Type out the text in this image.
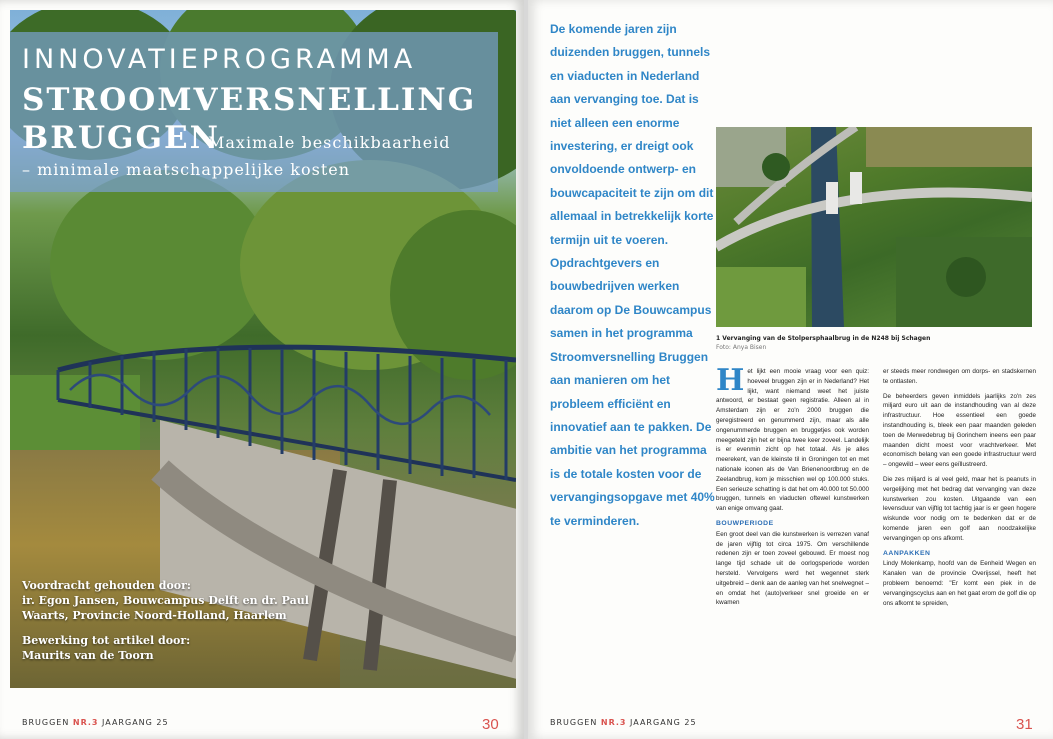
INNOVATIEPROGRAMMA
STROOMVERSNELLING
BRUGGEN
Maximale beschikbaarheid
– minimale maatschappelijke kosten

Voordracht gehouden door:
ir. Egon Jansen, Bouwcampus Delft en dr. Paul Waarts, Provincie Noord-Holland, Haarlem

Bewerking tot artikel door:
Maurits van de Toorn

BRUGGEN NR.3 JAARGANG 25	30
De komende jaren zijn duizenden bruggen, tunnels en viaducten in Nederland aan vervanging toe. Dat is niet alleen een enorme investering, er dreigt ook onvoldoende ontwerp- en bouwcapaciteit te zijn om dit allemaal in betrekkelijk korte termijn uit te voeren. Opdrachtgevers en bouwbedrijven werken daarom op De Bouwcampus samen in het programma Stroomversnelling Bruggen aan manieren om het probleem efficiënt en innovatief aan te pakken. De ambitie van het programma is de totale kosten voor de vervangingsopgave met 40% te verminderen.
1 Vervanging van de Stolpersphaalbrug in de N248 bij Schagen
Foto: Anya Bisen

Het lijkt een mooie vraag voor een quiz: hoeveel bruggen zijn er in Nederland? Het lijkt, want niemand weet het juiste antwoord, er bestaat geen registratie. Alleen al in Amsterdam zijn er zo'n 2000 bruggen die geregistreerd en genummerd zijn, maar als alle ongenummerde bruggen en bruggetjes ook worden meegeteld zijn het er bijna twee keer zoveel. Landelijk is er evenmin zicht op het totaal. Als je alles meerekent, van de kleinste til in Groningen tot en met nationale iconen als de Van Brienenoordbrug en de Zeelandbrug, kom je misschien wel op 100.000 stuks. Een serieuze schatting is dat het om 40.000 tot 50.000 bruggen, tunnels en viaducten oftewel kunstwerken van enige omvang gaat.

BOUWPERIODE

Een groot deel van die kunstwerken is verrezen vanaf de jaren vijftig tot circa 1975. Om verschillende redenen zijn er toen zoveel gebouwd. Er moest nog lange tijd schade uit de oorlogsperiode worden hersteld. Vervolgens werd het wegennet sterk uitgebreid – denk aan de aanleg van het snelwegnet – en omdat het (auto)verkeer snel groeide en er kwamen

er steeds meer rondwegen om dorps- en stadskernen te ontlasten.

De beheerders geven inmiddels jaarlijks zo'n zes miljard euro uit aan de instandhouding van al deze infrastructuur. Hoe essentieel een goede instandhouding is, bleek een paar maanden geleden toen de Merwedebrug bij Gorinchem ineens een paar maanden dicht moest voor vrachtverkeer. Met economisch belang van een goede infrastructuur werd – ongewild – weer eens geïllustreerd.

Die zes miljard is al veel geld, maar het is peanuts in vergelijking met het bedrag dat vervanging van deze kunstwerken zou kosten. Uitgaande van een levensduur van vijftig tot tachtig jaar is er geen hogere wiskunde voor nodig om te bedenken dat er de komende jaren een golf aan noodzakelijke vervangingen op ons afkomt.

AANPAKKEN

Lindy Molenkamp, hoofd van de Eenheid Wegen en Kanalen van de provincie Overijssel, heeft het probleem benoemd: "Er komt een piek in de vervangingscyclus aan en het gaat erom de golf die op ons afkomt te spreiden,

BRUGGEN NR.3 JAARGANG 25	31
